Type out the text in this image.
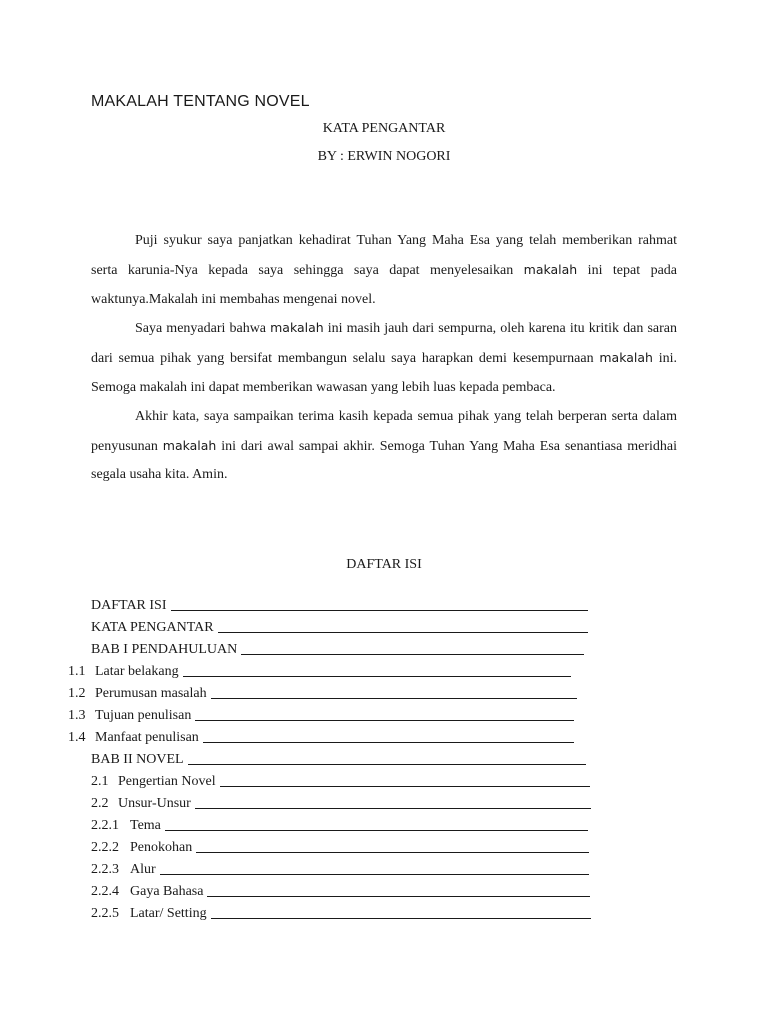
MAKALAH TENTANG NOVEL

KATA PENGANTAR

BY : ERWIN NOGORI

Puji syukur saya panjatkan kehadirat Tuhan Yang Maha Esa yang telah memberikan rahmat serta karunia-Nya kepada saya sehingga saya dapat menyelesaikan makalah ini tepat pada waktunya.Makalah ini membahas mengenai novel.

Saya menyadari bahwa makalah ini masih jauh dari sempurna, oleh karena itu kritik dan saran dari semua pihak yang bersifat membangun selalu saya harapkan demi kesempurnaan makalah ini. Semoga makalah ini dapat memberikan wawasan yang lebih luas kepada pembaca.

Akhir kata, saya sampaikan terima kasih kepada semua pihak yang telah berperan serta dalam penyusunan makalah ini dari awal sampai akhir. Semoga Tuhan Yang Maha Esa senantiasa meridhai segala usaha kita. Amin.

DAFTAR ISI

DAFTAR ISI
KATA PENGANTAR
BAB I PENDAHULUAN
1.1 Latar belakang
1.2 Perumusan masalah
1.3 Tujuan penulisan
1.4 Manfaat penulisan
BAB II NOVEL
2.1 Pengertian Novel
2.2 Unsur-Unsur
2.2.1 Tema
2.2.2 Penokohan
2.2.3 Alur
2.2.4 Gaya Bahasa
2.2.5 Latar/ Setting
